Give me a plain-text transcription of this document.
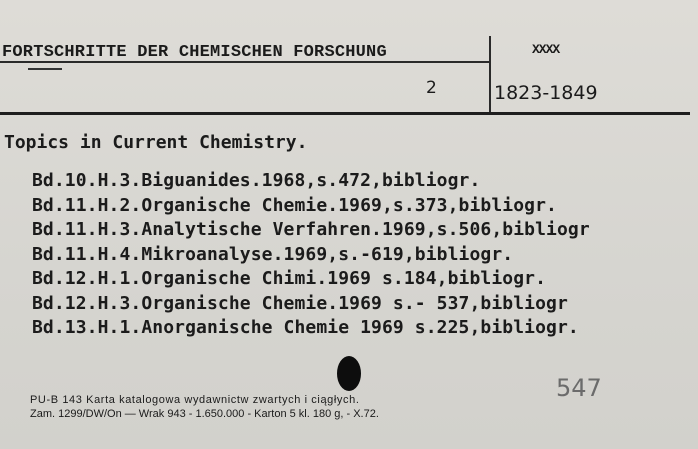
FORTSCHRITTE DER CHEMISCHEN FORSCHUNG
2
XXXX
1823-1849
Topics in Current Chemistry.
Bd.10.H.3.Biguanides.1968,s.472,bibliogr.
Bd.11.H.2.Organische Chemie.1969,s.373,bibliogr.
Bd.11.H.3.Analytische Verfahren.1969,s.506,bibliogr
Bd.11.H.4.Mikroanalyse.1969,s.-619,bibliogr.
Bd.12.H.1.Organische Chimi.1969 s.184,bibliogr.
Bd.12.H.3.Organische Chemie.1969 s.- 537,bibliogr
Bd.13.H.1.Anorganische Chemie 1969 s.225,bibliogr.
547
PU-B 143 Karta katalogowa wydawnictw zwartych i ciągłych.
Zam. 1299/DW/On — Wrak 943 - 1.650.000 - Karton 5 kl. 180 g, - X.72.
